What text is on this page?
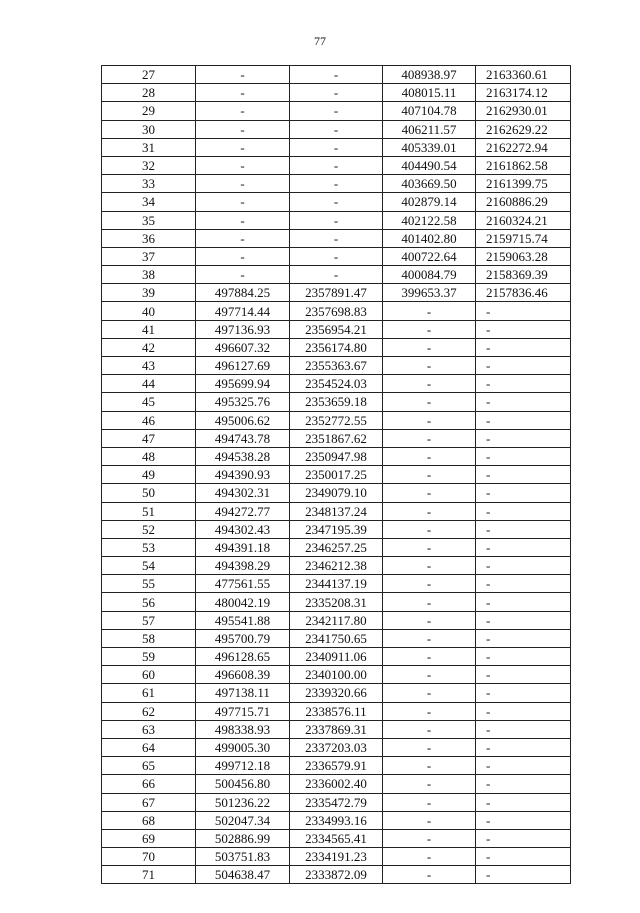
77
27	-	-	408938.97	2163360.61
28	-	-	408015.11	2163174.12
29	-	-	407104.78	2162930.01
30	-	-	406211.57	2162629.22
31	-	-	405339.01	2162272.94
32	-	-	404490.54	2161862.58
33	-	-	403669.50	2161399.75
34	-	-	402879.14	2160886.29
35	-	-	402122.58	2160324.21
36	-	-	401402.80	2159715.74
37	-	-	400722.64	2159063.28
38	-	-	400084.79	2158369.39
39	497884.25	2357891.47	399653.37	2157836.46
40	497714.44	2357698.83	-	-
41	497136.93	2356954.21	-	-
42	496607.32	2356174.80	-	-
43	496127.69	2355363.67	-	-
44	495699.94	2354524.03	-	-
45	495325.76	2353659.18	-	-
46	495006.62	2352772.55	-	-
47	494743.78	2351867.62	-	-
48	494538.28	2350947.98	-	-
49	494390.93	2350017.25	-	-
50	494302.31	2349079.10	-	-
51	494272.77	2348137.24	-	-
52	494302.43	2347195.39	-	-
53	494391.18	2346257.25	-	-
54	494398.29	2346212.38	-	-
55	477561.55	2344137.19	-	-
56	480042.19	2335208.31	-	-
57	495541.88	2342117.80	-	-
58	495700.79	2341750.65	-	-
59	496128.65	2340911.06	-	-
60	496608.39	2340100.00	-	-
61	497138.11	2339320.66	-	-
62	497715.71	2338576.11	-	-
63	498338.93	2337869.31	-	-
64	499005.30	2337203.03	-	-
65	499712.18	2336579.91	-	-
66	500456.80	2336002.40	-	-
67	501236.22	2335472.79	-	-
68	502047.34	2334993.16	-	-
69	502886.99	2334565.41	-	-
70	503751.83	2334191.23	-	-
71	504638.47	2333872.09	-	-
